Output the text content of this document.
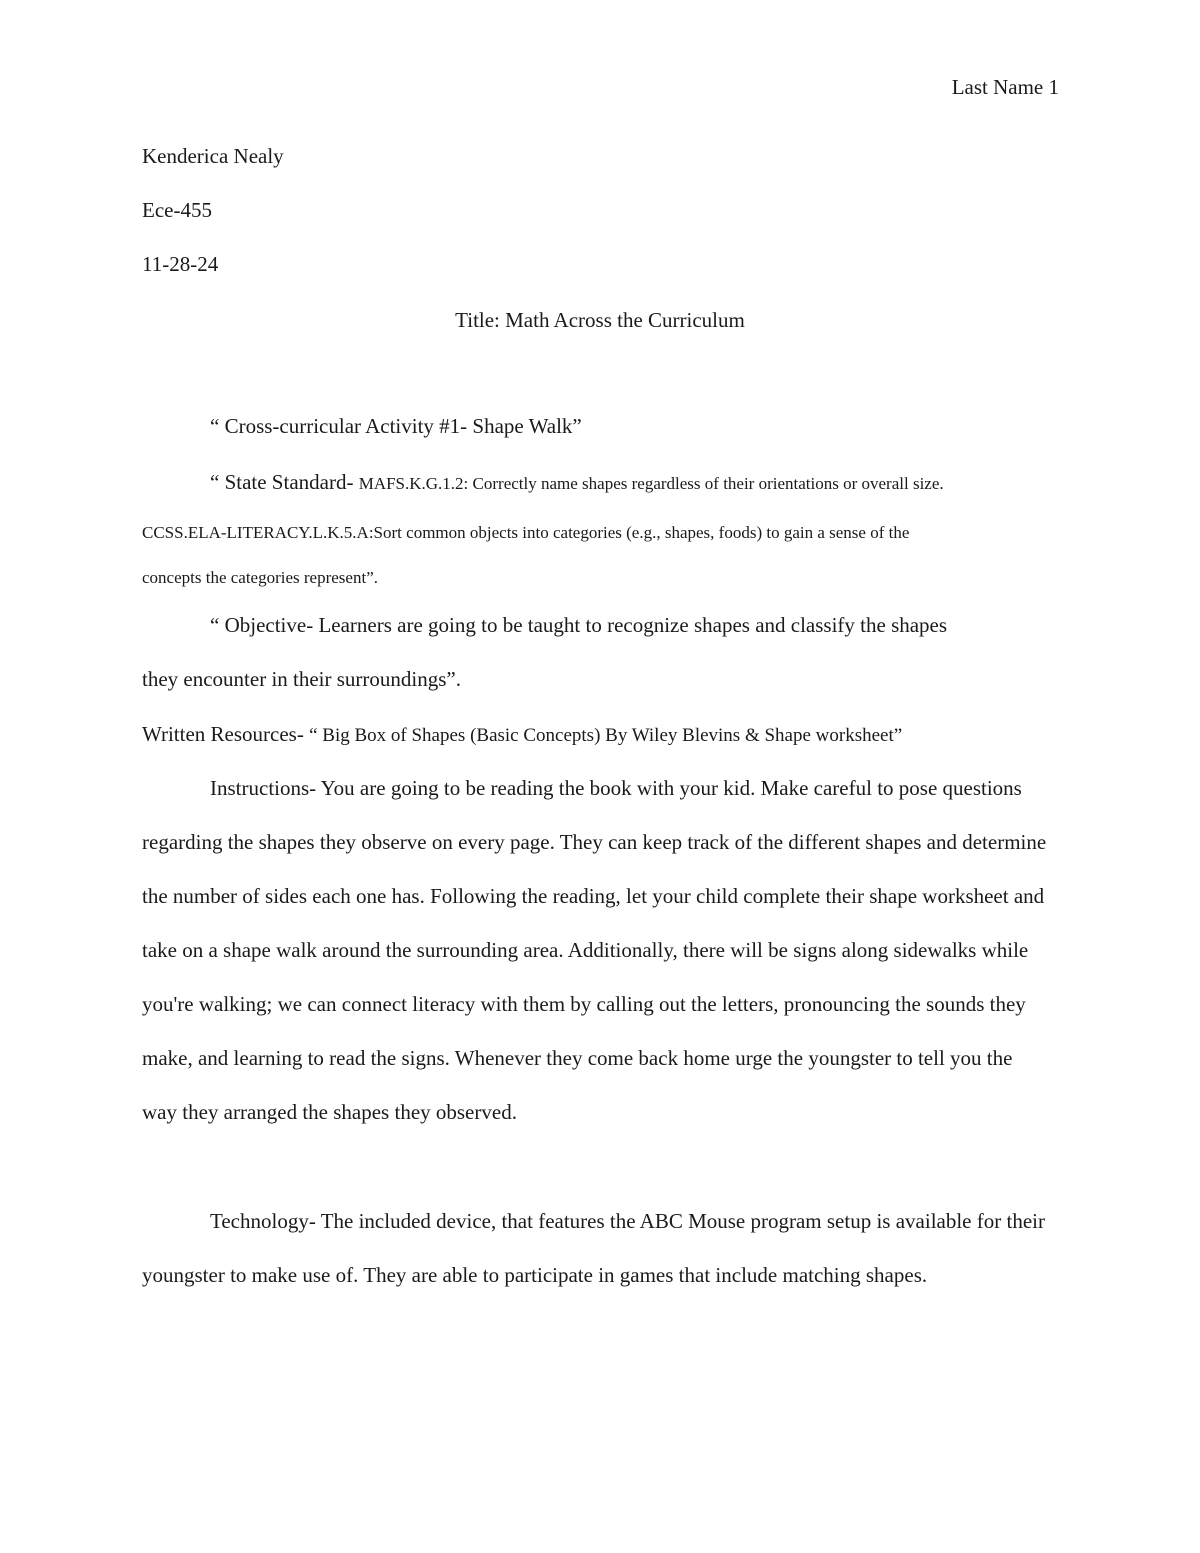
Last Name 1
Kenderica Nealy
Ece-455
11-28-24
Title: Math Across the Curriculum
“ Cross-curricular Activity #1- Shape Walk”
“ State Standard- MAFS.K.G.1.2: Correctly name shapes regardless of their orientations or overall size.
CCSS.ELA-LITERACY.L.K.5.A:Sort common objects into categories (e.g., shapes, foods) to gain a sense of the
concepts the categories represent”.
“ Objective- Learners are going to be taught to recognize shapes and classify the shapes
they encounter in their surroundings”.
Written Resources- “ Big Box of Shapes (Basic Concepts) By Wiley Blevins & Shape worksheet”

Instructions- You are going to be reading the book with your kid. Make careful to pose questions regarding the shapes they observe on every page. They can keep track of the different shapes and determine the number of sides each one has. Following the reading, let your child complete their shape worksheet and take on a shape walk around the surrounding area. Additionally, there will be signs along sidewalks while you're walking; we can connect literacy with them by calling out the letters, pronouncing the sounds they make, and learning to read the signs. Whenever they come back home urge the youngster to tell you the way they arranged the shapes they observed.

Technology- The included device, that features the ABC Mouse program setup is available for their youngster to make use of. They are able to participate in games that include matching shapes.
